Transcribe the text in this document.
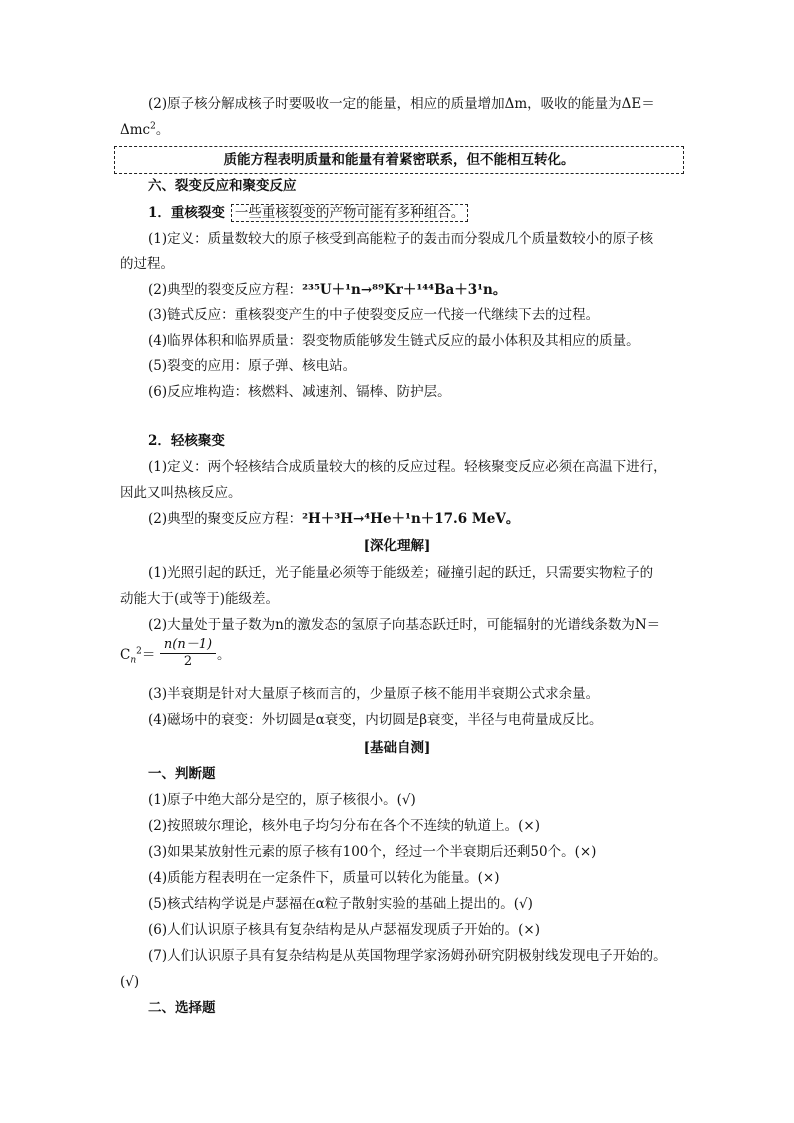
(2)原子核分解成核子时要吸收一定的能量，相应的质量增加Δm，吸收的能量为ΔE＝
Δmc$^2$。
质能方程表明质量和能量有着紧密联系，但不能相互转化。
六、裂变反应和聚变反应
1．重核裂变 一些重核裂变的产物可能有多种组合。
(1)定义：质量数较大的原子核受到高能粒子的轰击而分裂成几个质量数较小的原子核
的过程。
(2)典型的裂变反应方程：²³⁵U＋¹n→⁸⁹Kr＋¹⁴⁴Ba＋3¹n。
(3)链式反应：重核裂变产生的中子使裂变反应一代接一代继续下去的过程。
(4)临界体积和临界质量：裂变物质能够发生链式反应的最小体积及其相应的质量。
(5)裂变的应用：原子弹、核电站。
(6)反应堆构造：核燃料、减速剂、镉棒、防护层。
2．轻核聚变
(1)定义：两个轻核结合成质量较大的核的反应过程。轻核聚变反应必须在高温下进行，
因此又叫热核反应。
(2)典型的聚变反应方程：²H＋³H→⁴He＋¹n＋17.6 MeV。
[深化理解]
(1)光照引起的跃迁，光子能量必须等于能级差；碰撞引起的跃迁，只需要实物粒子的
动能大于(或等于)能级差。
(2)大量处于量子数为n的激发态的氢原子向基态跃迁时，可能辐射的光谱线条数为N＝
$C_n^2= \frac{n(n-1)}{2}$ 。
(3)半衰期是针对大量原子核而言的，少量原子核不能用半衰期公式求余量。
(4)磁场中的衰变：外切圆是α衰变，内切圆是β衰变，半径与电荷量成反比。
[基础自测]
一、判断题
(1)原子中绝大部分是空的，原子核很小。(√)
(2)按照玻尔理论，核外电子均匀分布在各个不连续的轨道上。(×)
(3)如果某放射性元素的原子核有100个，经过一个半衰期后还剩50个。(×)
(4)质能方程表明在一定条件下，质量可以转化为能量。(×)
(5)核式结构学说是卢瑟福在α粒子散射实验的基础上提出的。(√)
(6)人们认识原子核具有复杂结构是从卢瑟福发现质子开始的。(×)
(7)人们认识原子具有复杂结构是从英国物理学家汤姆孙研究阴极射线发现电子开始的。
(√)
二、选择题
